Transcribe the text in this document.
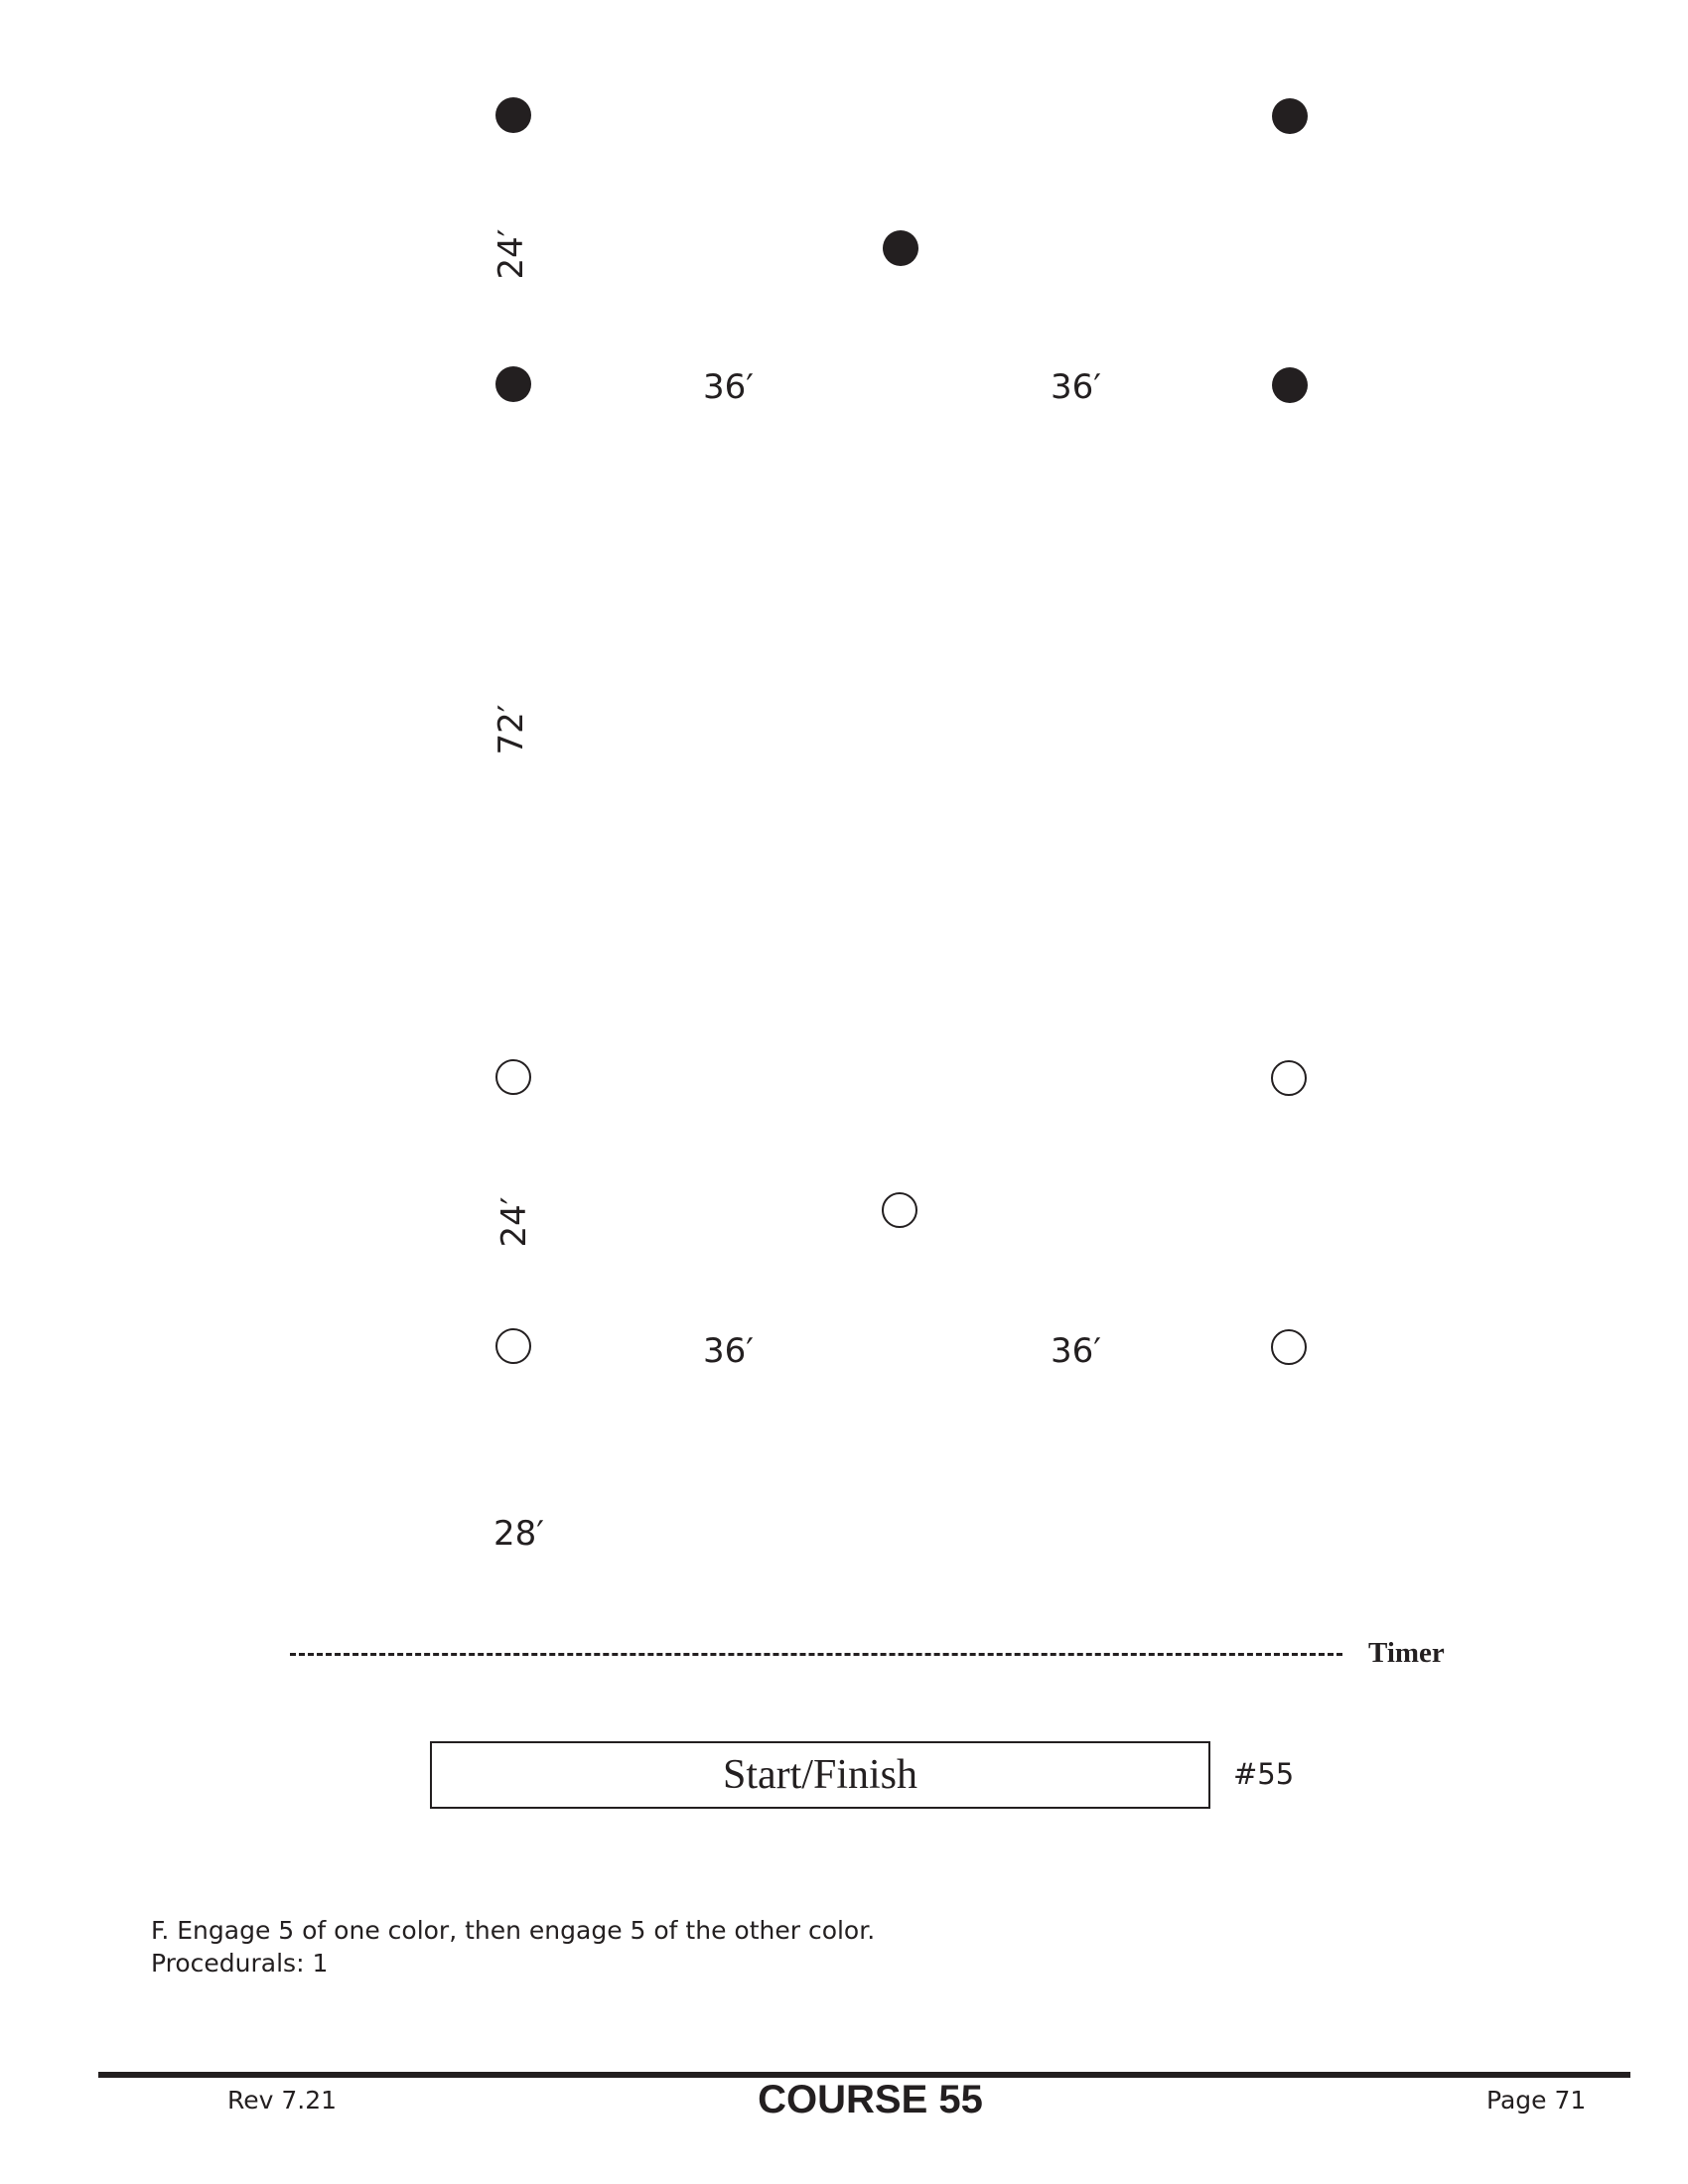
24′
36′	36′
72′
24′
36′	36′
28′
Timer
Start/Finish	#55
F. Engage 5 of one color, then engage 5 of the other color.
Procedurals: 1
Rev 7.21	COURSE 55	Page 71
